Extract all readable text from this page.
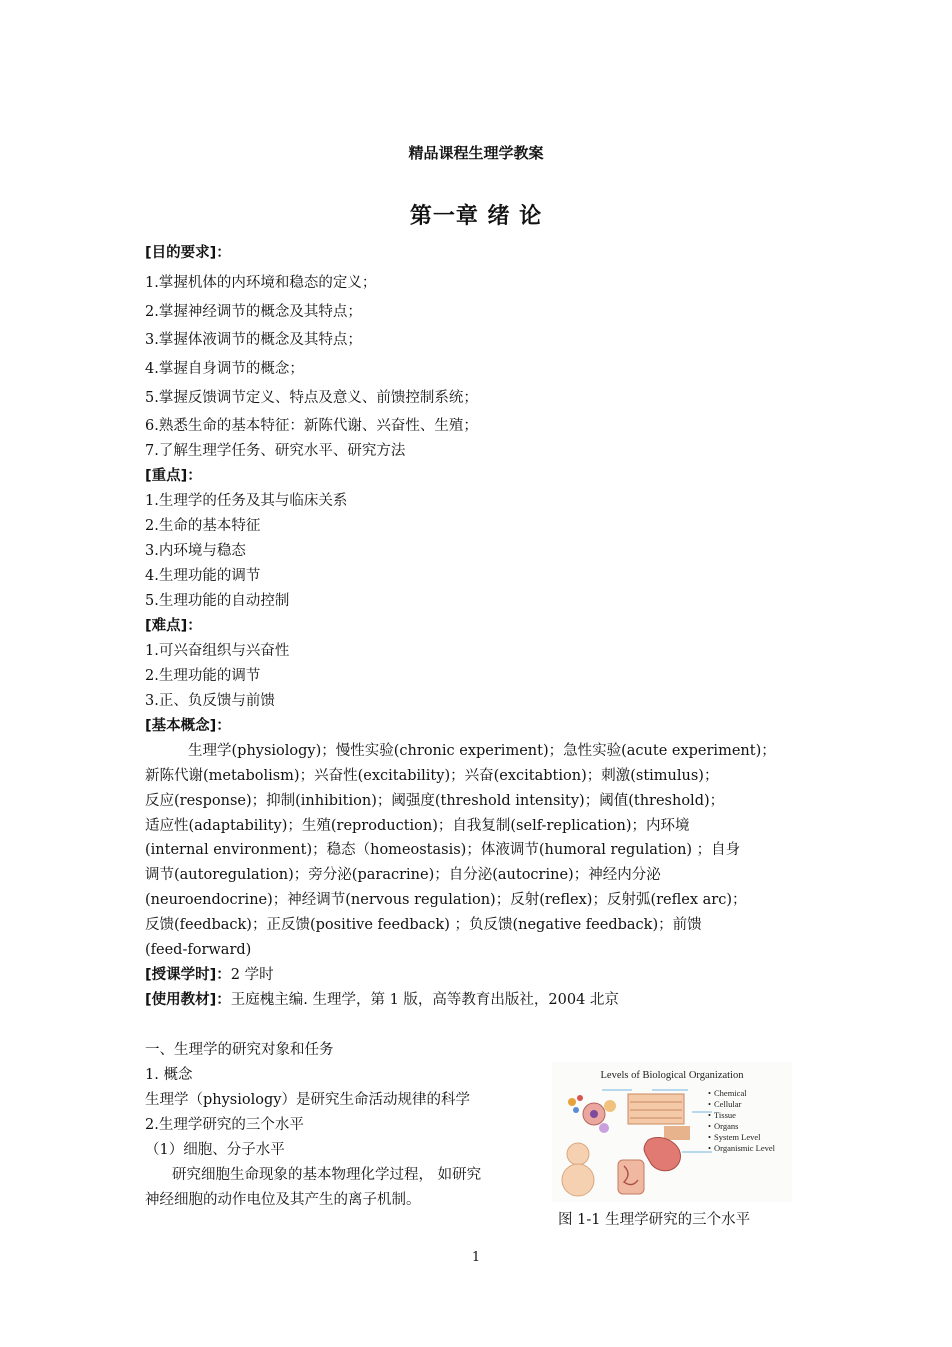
精品课程生理学教案
第一章 绪 论
[目的要求]：
1.掌握机体的内环境和稳态的定义；
2.掌握神经调节的概念及其特点；
3.掌握体液调节的概念及其特点；
4.掌握自身调节的概念；
5.掌握反馈调节定义、特点及意义、前馈控制系统；
6.熟悉生命的基本特征：新陈代谢、兴奋性、生殖；
7.了解生理学任务、研究水平、研究方法
[重点]：
1.生理学的任务及其与临床关系
2.生命的基本特征
3.内环境与稳态
4.生理功能的调节
5.生理功能的自动控制
[难点]：
1.可兴奋组织与兴奋性
2.生理功能的调节
3.正、负反馈与前馈
[基本概念]：
生理学(physiology)；慢性实验(chronic experiment)；急性实验(acute experiment)；
新陈代谢(metabolism)；兴奋性(excitability)；兴奋(excitabtion)；刺激(stimulus)；
反应(response)；抑制(inhibition)；阈强度(threshold intensity)；阈值(threshold)；
适应性(adaptability)；生殖(reproduction)；自我复制(self-replication)；内环境
(internal environment)；稳态（homeostasis)；体液调节(humoral regulation) ；自身
调节(autoregulation)；旁分泌(paracrine)；自分泌(autocrine)；神经内分泌
(neuroendocrine)；神经调节(nervous regulation)；反射(reflex)；反射弧(reflex arc)；
反馈(feedback)；正反馈(positive feedback) ；负反馈(negative feedback)；前馈
(feed-forward)
[授课学时]：2 学时
[使用教材]：王庭槐主编. 生理学，第 1 版，高等教育出版社，2004 北京
一、生理学的研究对象和任务
1. 概念
生理学（physiology）是研究生命活动规律的科学
2.生理学研究的三个水平
（1）细胞、分子水平
研究细胞生命现象的基本物理化学过程， 如研究
神经细胞的动作电位及其产生的离子机制。
Levels of Biological Organization
Chemical
Cellular
Tissue
Organs
System Level
Organismic Level
•
•
•
•
•
•
图 1-1 生理学研究的三个水平
1
